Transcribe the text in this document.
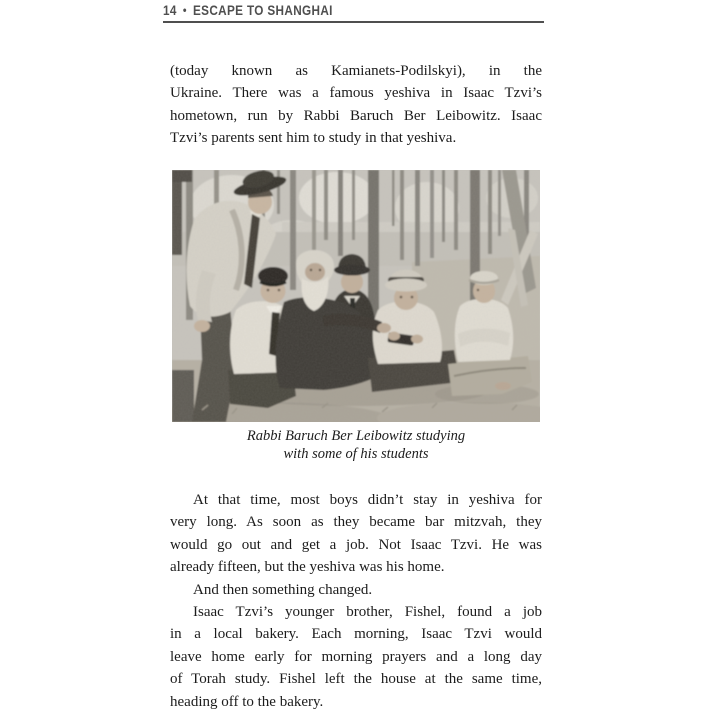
14 • ESCAPE TO SHANGHAI
(today known as Kamianets-Podilskyi), in the
Ukraine. There was a famous yeshiva in Isaac Tzvi’s
hometown, run by Rabbi Baruch Ber Leibowitz. Isaac
Tzvi’s parents sent him to study in that yeshiva.
Rabbi Baruch Ber Leibowitz studying
with some of his students
At that time, most boys didn’t stay in yeshiva for
very long. As soon as they became bar mitzvah, they
would go out and get a job. Not Isaac Tzvi. He was
already fifteen, but the yeshiva was his home.
And then something changed.
Isaac Tzvi’s younger brother, Fishel, found a job
in a local bakery. Each morning, Isaac Tzvi would
leave home early for morning prayers and a long day
of Torah study. Fishel left the house at the same time,
heading off to the bakery.
